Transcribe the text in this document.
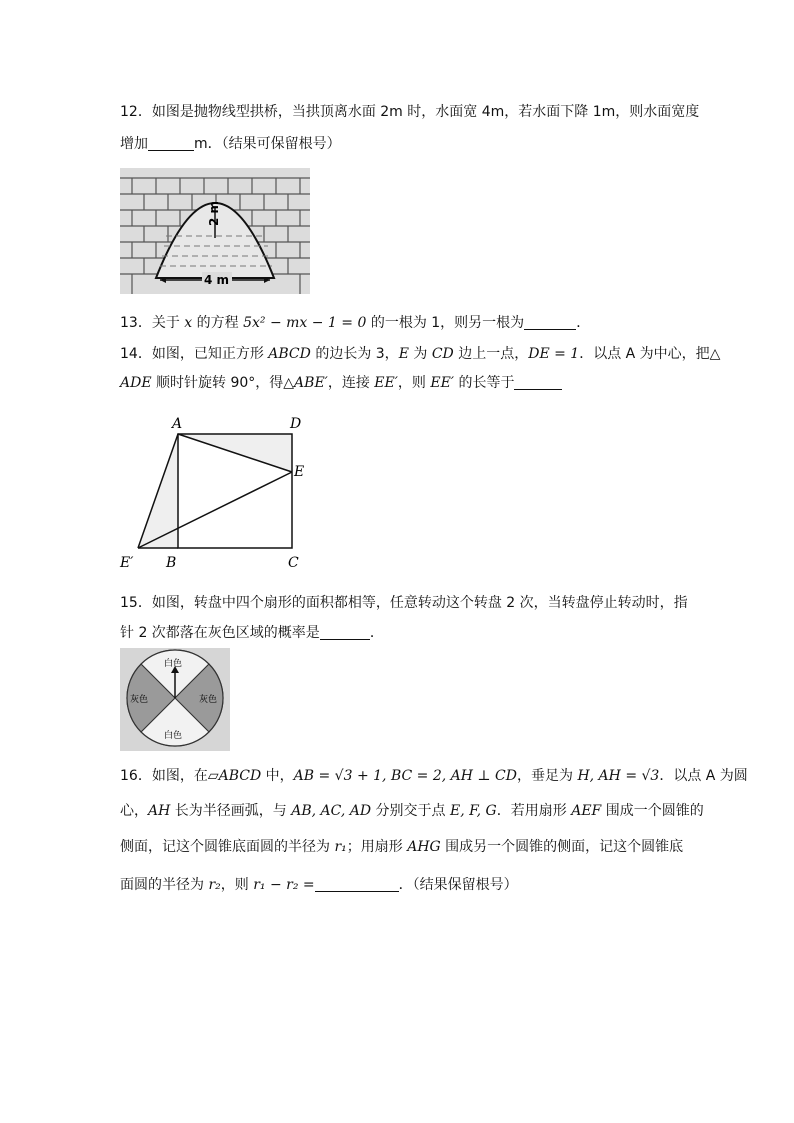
12．如图是抛物线型拱桥，当拱顶离水面 2m 时，水面宽 4m，若水面下降 1m，则水面宽度
增加	m．（结果可保留根号）
2 m
4 m
13．关于 x 的方程 5x² − mx − 1 = 0 的一根为 1，则另一根为	．
14．如图，已知正方形 ABCD 的边长为 3，E 为 CD 边上一点，DE = 1．以点 A 为中心，把△
ADE 顺时针旋转 90°，得△ABE′，连接 EE′，则 EE′ 的长等于
A	D
E
E′ B	C
15．如图，转盘中四个扇形的面积都相等，任意转动这个转盘 2 次，当转盘停止转动时，指
针 2 次都落在灰色区域的概率是	．
白色
白色
灰色	灰色
16．如图，在▱ABCD 中，AB = √3 + 1, BC = 2, AH ⊥ CD，垂足为 H, AH = √3．以点 A 为圆
心，AH 长为半径画弧，与 AB, AC, AD 分别交于点 E, F, G．若用扇形 AEF 围成一个圆锥的
侧面，记这个圆锥底面圆的半径为 r₁；用扇形 AHG 围成另一个圆锥的侧面，记这个圆锥底
面圆的半径为 r₂，则 r₁ − r₂ =	．（结果保留根号）
